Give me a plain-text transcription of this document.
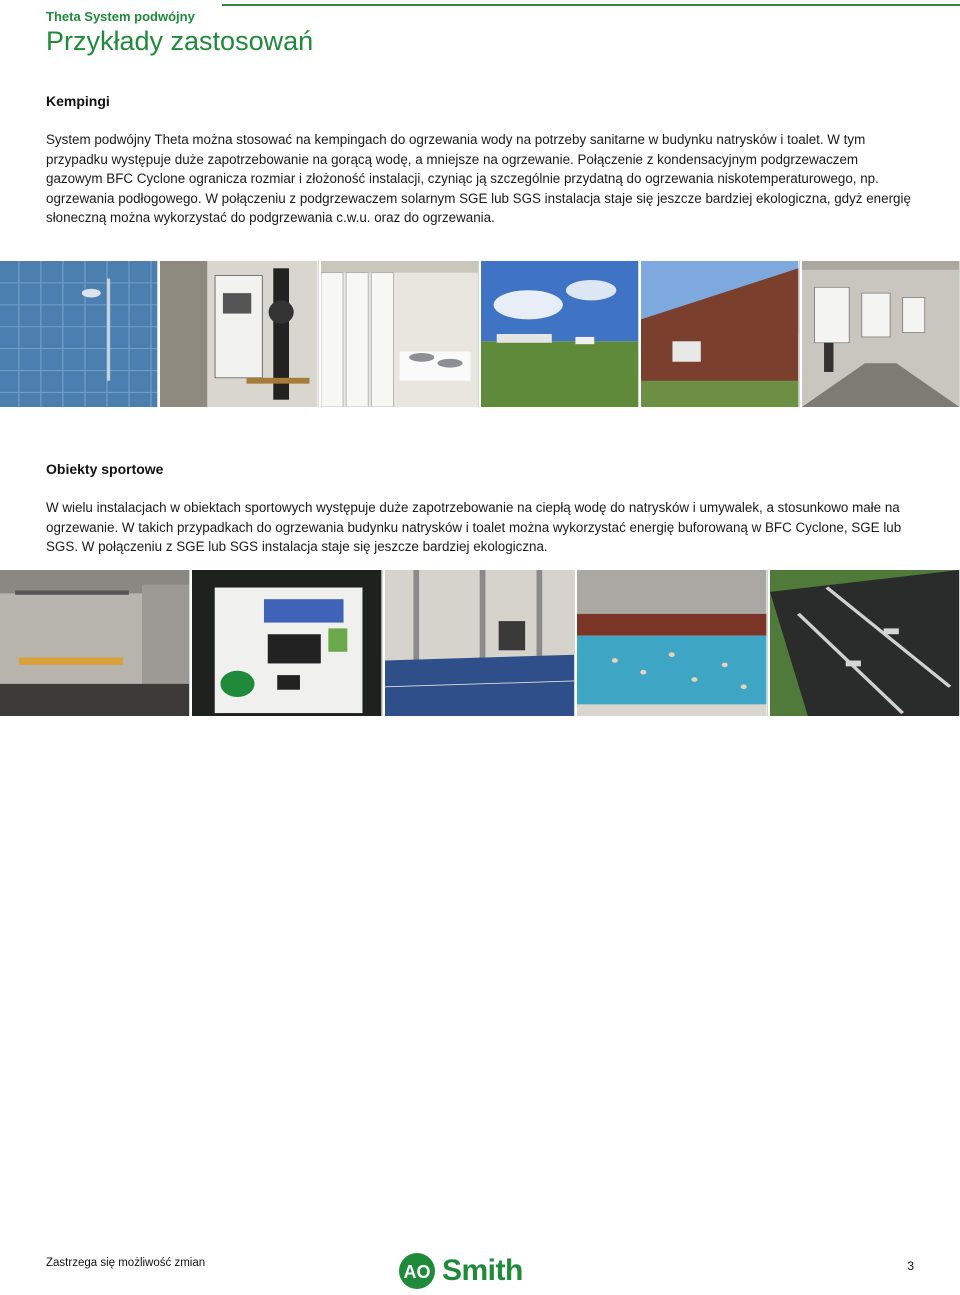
Theta System podwójny
Przykłady zastosowań
Kempingi

System podwójny Theta można stosować na kempingach do ogrzewania wody na potrzeby sanitarne w budynku natrysków i toalet. W tym przypadku występuje duże zapotrzebowanie na gorącą wodę, a mniejsze na ogrzewanie. Połączenie z kondensacyjnym podgrzewaczem gazowym BFC Cyclone ogranicza rozmiar i złożoność instalacji, czyniąc ją szczególnie przydatną do ogrzewania niskotemperaturowego, np. ogrzewania podłogowego. W połączeniu z podgrzewaczem solarnym SGE lub SGS instalacja staje się jeszcze bardziej ekologiczna, gdyż energię słoneczną można wykorzystać do podgrzewania c.w.u. oraz do ogrzewania.

Obiekty sportowe

W wielu instalacjach w obiektach sportowych występuje duże zapotrzebowanie na ciepłą wodę do natrysków i umywalek, a stosunkowo małe na ogrzewanie. W takich przypadkach do ogrzewania budynku natrysków i toalet można wykorzystać energię buforowaną w BFC Cyclone, SGE lub SGS. W połączeniu z SGE lub SGS instalacja staje się jeszcze bardziej ekologiczna.

Zastrzega się możliwość zmian	AO Smith	3
